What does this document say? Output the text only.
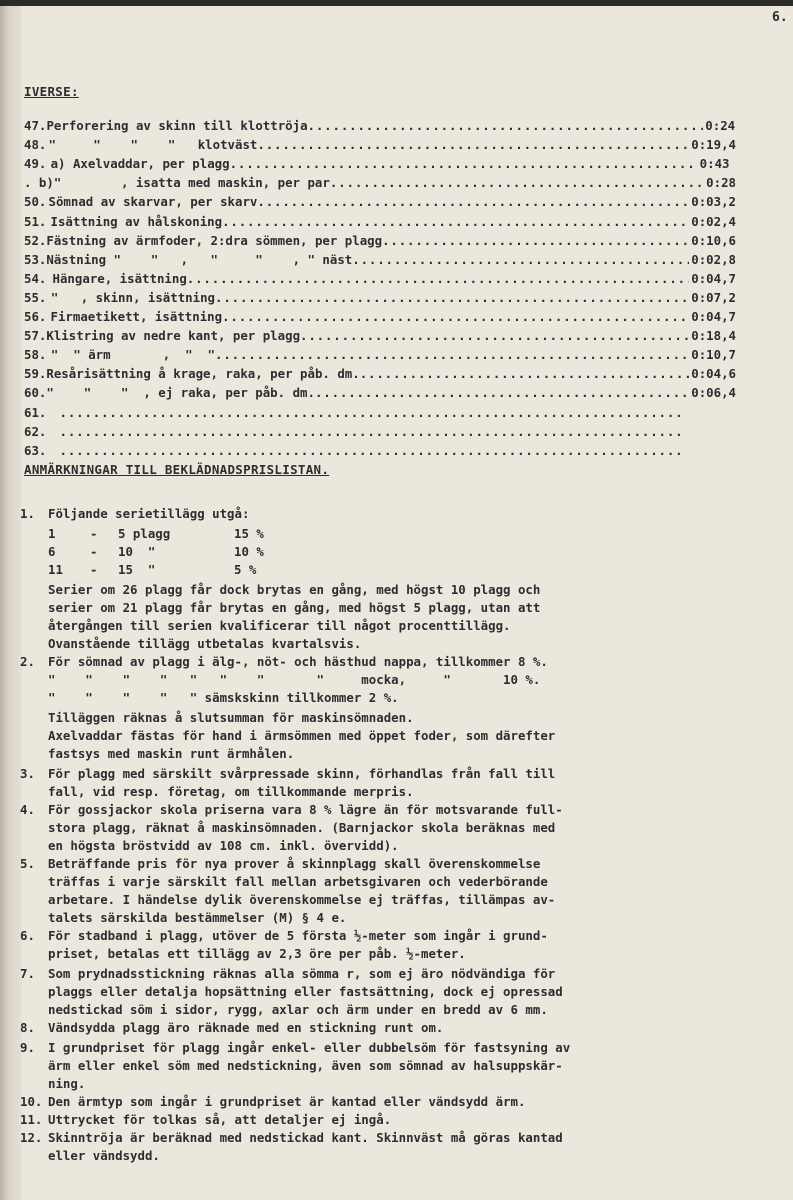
6.
IVERSE:
47. Perforering av skinn till klottröja . . .	0:24
48. "     "    "    "   klotväst . . .	0:19,4
49. a) Axelvaddar, per plagg . . .	0:43
. b) "        , isatta med maskin, per par . . .	0:28
50. Sömnad av skarvar, per skarv . . .	0:03,2
51. Isättning av hålskoning . . .	0:02,4
52. Fästning av ärmfoder, 2:dra sömmen, per plagg . . .	0:10,6
53. Nästning "    "   ,   "     "    , " näst . . .	0:02,8
54. Hängare, isättning . . .	0:04,7
55. "   , skinn, isättning . . .	0:07,2
56. Firmaetikett, isättning . . .	0:04,7
57. Klistring av nedre kant, per plagg . . .	0:18,4
58. "  " ärm       ,  "  " . . .	0:10,7
59. Resårisättning å krage, raka, per påb. dm. . . .	0:04,6
60. "    "    "  , ej raka, per påb. dm. . . .	0:06,4
61.
. . .
62.
. . .
63.
. . .
ANMÄRKNINGAR TILL BEKLÄDNADSPRISLISTAN.
1. Följande serietillägg utgå:
Serier om 26 plagg får dock brytas en gång, med högst 10 plagg och
serier om 21 plagg får brytas en gång, med högst 5 plagg, utan att
återgången till serien kvalificerar till något procenttillägg.
Ovanstående tillägg utbetalas kvartalsvis.
2. För sömnad av plagg i älg-, nöt- och hästhud nappa, tillkommer 8 %.
"    "    "    "   "   "    "       "     mocka,     "       10 %.
"    "    "    "   " sämskskinn tillkommer 2 %.
Tilläggen räknas å slutsumman för maskinsömnaden.
Axelvaddar fästas för hand i ärmsömmen med öppet foder, som därefter
fastsys med maskin runt ärmhålen.
3. För plagg med särskilt svårpressade skinn, förhandlas från fall till
fall, vid resp. företag, om tillkommande merpris.
4. För gossjackor skola priserna vara 8 % lägre än för motsvarande full-
stora plagg, räknat å maskinsömnaden. (Barnjackor skola beräknas med
en högsta bröstvidd av 108 cm. inkl. övervidd).
5. Beträffande pris för nya prover å skinnplagg skall överenskommelse
träffas i varje särskilt fall mellan arbetsgivaren och vederbörande
arbetare. I händelse dylik överenskommelse ej träffas, tillämpas av-
talets särskilda bestämmelser (M) § 4 e.
6. För stadband i plagg, utöver de 5 första ½-meter som ingår i grund-
priset, betalas ett tillägg av 2,3 öre per påb. ½-meter.
7. Som prydnadsstickning räknas alla sömma r, som ej äro nödvändiga för
plaggs eller detalja hopsättning eller fastsättning, dock ej opressad
nedstickad söm i sidor, rygg, axlar och ärm under en bredd av 6 mm.
8. Vändsydda plagg äro räknade med en stickning runt om.
9. I grundpriset för plagg ingår enkel- eller dubbelsöm för fastsyning av
ärm eller enkel söm med nedstickning, även som sömnad av halsuppskär-
ning.
10. Den ärmtyp som ingår i grundpriset är kantad eller vändsydd ärm.
11. Uttrycket för tolkas så, att detaljer ej ingå.
12. Skinntröja är beräknad med nedstickad kant. Skinnväst må göras kantad
eller vändsydd.
1	- 5 plagg	15 %
6	- 10  "	10 %
11 - 15  "	5 %
